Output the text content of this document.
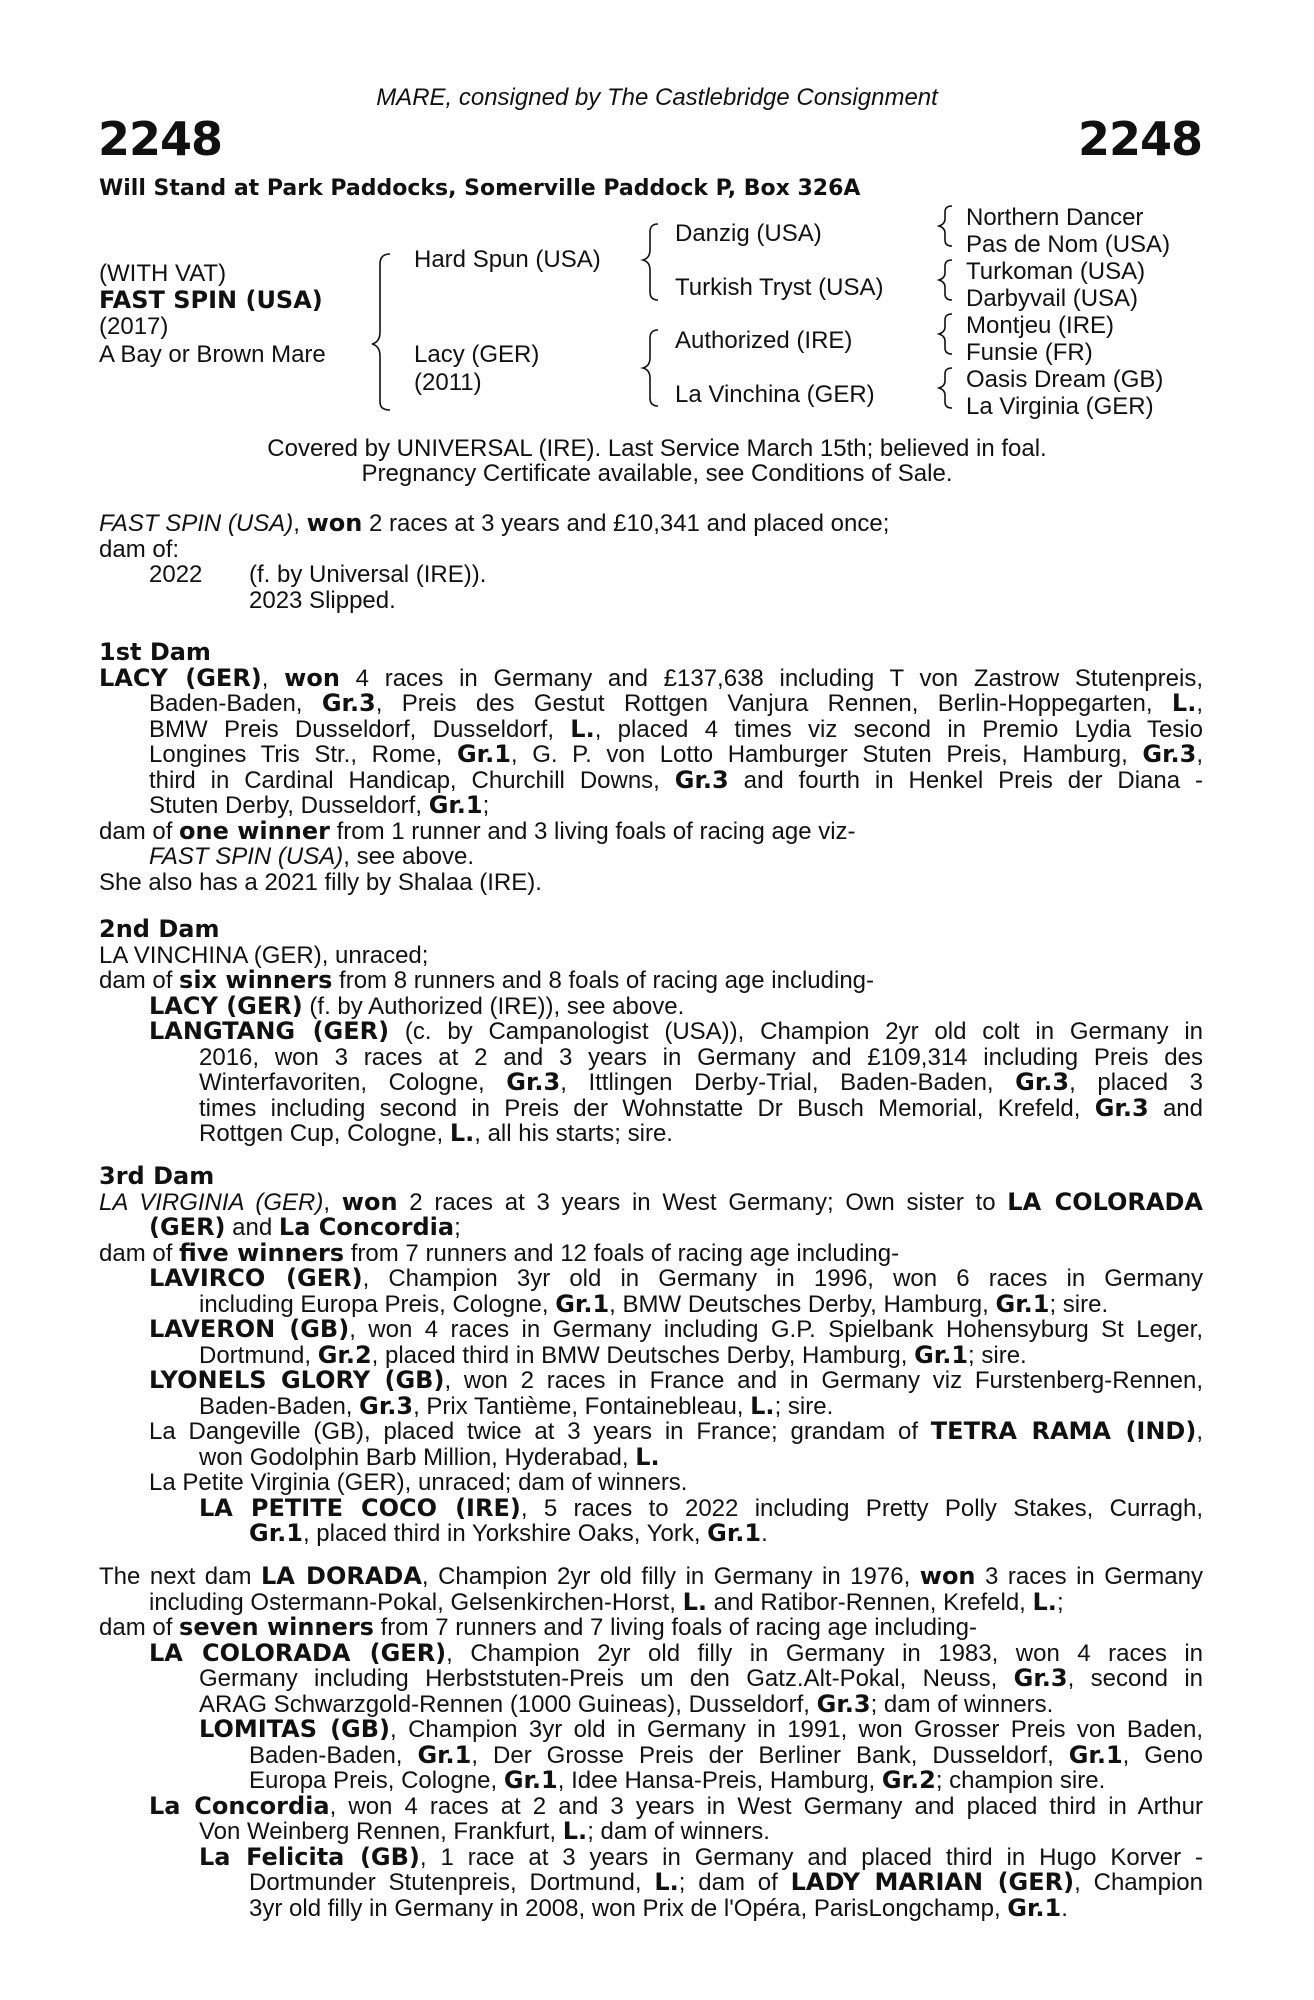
MARE, consigned by The Castlebridge Consignment
2248	2248
Will Stand at Park Paddocks, Somerville Paddock P, Box 326A
(WITH VAT)
FAST SPIN (USA)
(2017)
A Bay or Brown Mare
Hard Spun (USA)
Lacy (GER)
(2011)
Danzig (USA)
Turkish Tryst (USA)
Authorized (IRE)
La Vinchina (GER)
Northern Dancer
Pas de Nom (USA)
Turkoman (USA)
Darbyvail (USA)
Montjeu (IRE)
Funsie (FR)
Oasis Dream (GB)
La Virginia (GER)
Covered by UNIVERSAL (IRE). Last Service March 15th; believed in foal.
Pregnancy Certificate available, see Conditions of Sale.
FAST SPIN (USA), won 2 races at 3 years and £10,341 and placed once;
dam of:
2022 (f. by Universal (IRE)).
2023 Slipped.
1st Dam
LACY (GER), won 4 races in Germany and £137,638 including T von Zastrow Stutenpreis,
Baden-Baden, Gr.3, Preis des Gestut Rottgen Vanjura Rennen, Berlin-Hoppegarten, L.,
BMW Preis Dusseldorf, Dusseldorf, L., placed 4 times viz second in Premio Lydia Tesio
Longines Tris Str., Rome, Gr.1, G. P. von Lotto Hamburger Stuten Preis, Hamburg, Gr.3,
third in Cardinal Handicap, Churchill Downs, Gr.3 and fourth in Henkel Preis der Diana -
Stuten Derby, Dusseldorf, Gr.1;
dam of one winner from 1 runner and 3 living foals of racing age viz-
FAST SPIN (USA), see above.
She also has a 2021 filly by Shalaa (IRE).
2nd Dam
LA VINCHINA (GER), unraced;
dam of six winners from 8 runners and 8 foals of racing age including-
LACY (GER) (f. by Authorized (IRE)), see above.
LANGTANG (GER) (c. by Campanologist (USA)), Champion 2yr old colt in Germany in
2016, won 3 races at 2 and 3 years in Germany and £109,314 including Preis des
Winterfavoriten, Cologne, Gr.3, Ittlingen Derby-Trial, Baden-Baden, Gr.3, placed 3
times including second in Preis der Wohnstatte Dr Busch Memorial, Krefeld, Gr.3 and
Rottgen Cup, Cologne, L., all his starts; sire.
3rd Dam
LA VIRGINIA (GER), won 2 races at 3 years in West Germany; Own sister to LA COLORADA
(GER) and La Concordia;
dam of five winners from 7 runners and 12 foals of racing age including-
LAVIRCO (GER), Champion 3yr old in Germany in 1996, won 6 races in Germany
including Europa Preis, Cologne, Gr.1, BMW Deutsches Derby, Hamburg, Gr.1; sire.
LAVERON (GB), won 4 races in Germany including G.P. Spielbank Hohensyburg St Leger,
Dortmund, Gr.2, placed third in BMW Deutsches Derby, Hamburg, Gr.1; sire.
LYONELS GLORY (GB), won 2 races in France and in Germany viz Furstenberg-Rennen,
Baden-Baden, Gr.3, Prix Tantième, Fontainebleau, L.; sire.
La Dangeville (GB), placed twice at 3 years in France; grandam of TETRA RAMA (IND),
won Godolphin Barb Million, Hyderabad, L.
La Petite Virginia (GER), unraced; dam of winners.
LA PETITE COCO (IRE), 5 races to 2022 including Pretty Polly Stakes, Curragh,
Gr.1, placed third in Yorkshire Oaks, York, Gr.1.
The next dam LA DORADA, Champion 2yr old filly in Germany in 1976, won 3 races in Germany
including Ostermann-Pokal, Gelsenkirchen-Horst, L. and Ratibor-Rennen, Krefeld, L.;
dam of seven winners from 7 runners and 7 living foals of racing age including-
LA COLORADA (GER), Champion 2yr old filly in Germany in 1983, won 4 races in
Germany including Herbststuten-Preis um den Gatz.Alt-Pokal, Neuss, Gr.3, second in
ARAG Schwarzgold-Rennen (1000 Guineas), Dusseldorf, Gr.3; dam of winners.
LOMITAS (GB), Champion 3yr old in Germany in 1991, won Grosser Preis von Baden,
Baden-Baden, Gr.1, Der Grosse Preis der Berliner Bank, Dusseldorf, Gr.1, Geno
Europa Preis, Cologne, Gr.1, Idee Hansa-Preis, Hamburg, Gr.2; champion sire.
La Concordia, won 4 races at 2 and 3 years in West Germany and placed third in Arthur
Von Weinberg Rennen, Frankfurt, L.; dam of winners.
La Felicita (GB), 1 race at 3 years in Germany and placed third in Hugo Korver -
Dortmunder Stutenpreis, Dortmund, L.; dam of LADY MARIAN (GER), Champion
3yr old filly in Germany in 2008, won Prix de l'Opéra, ParisLongchamp, Gr.1.
